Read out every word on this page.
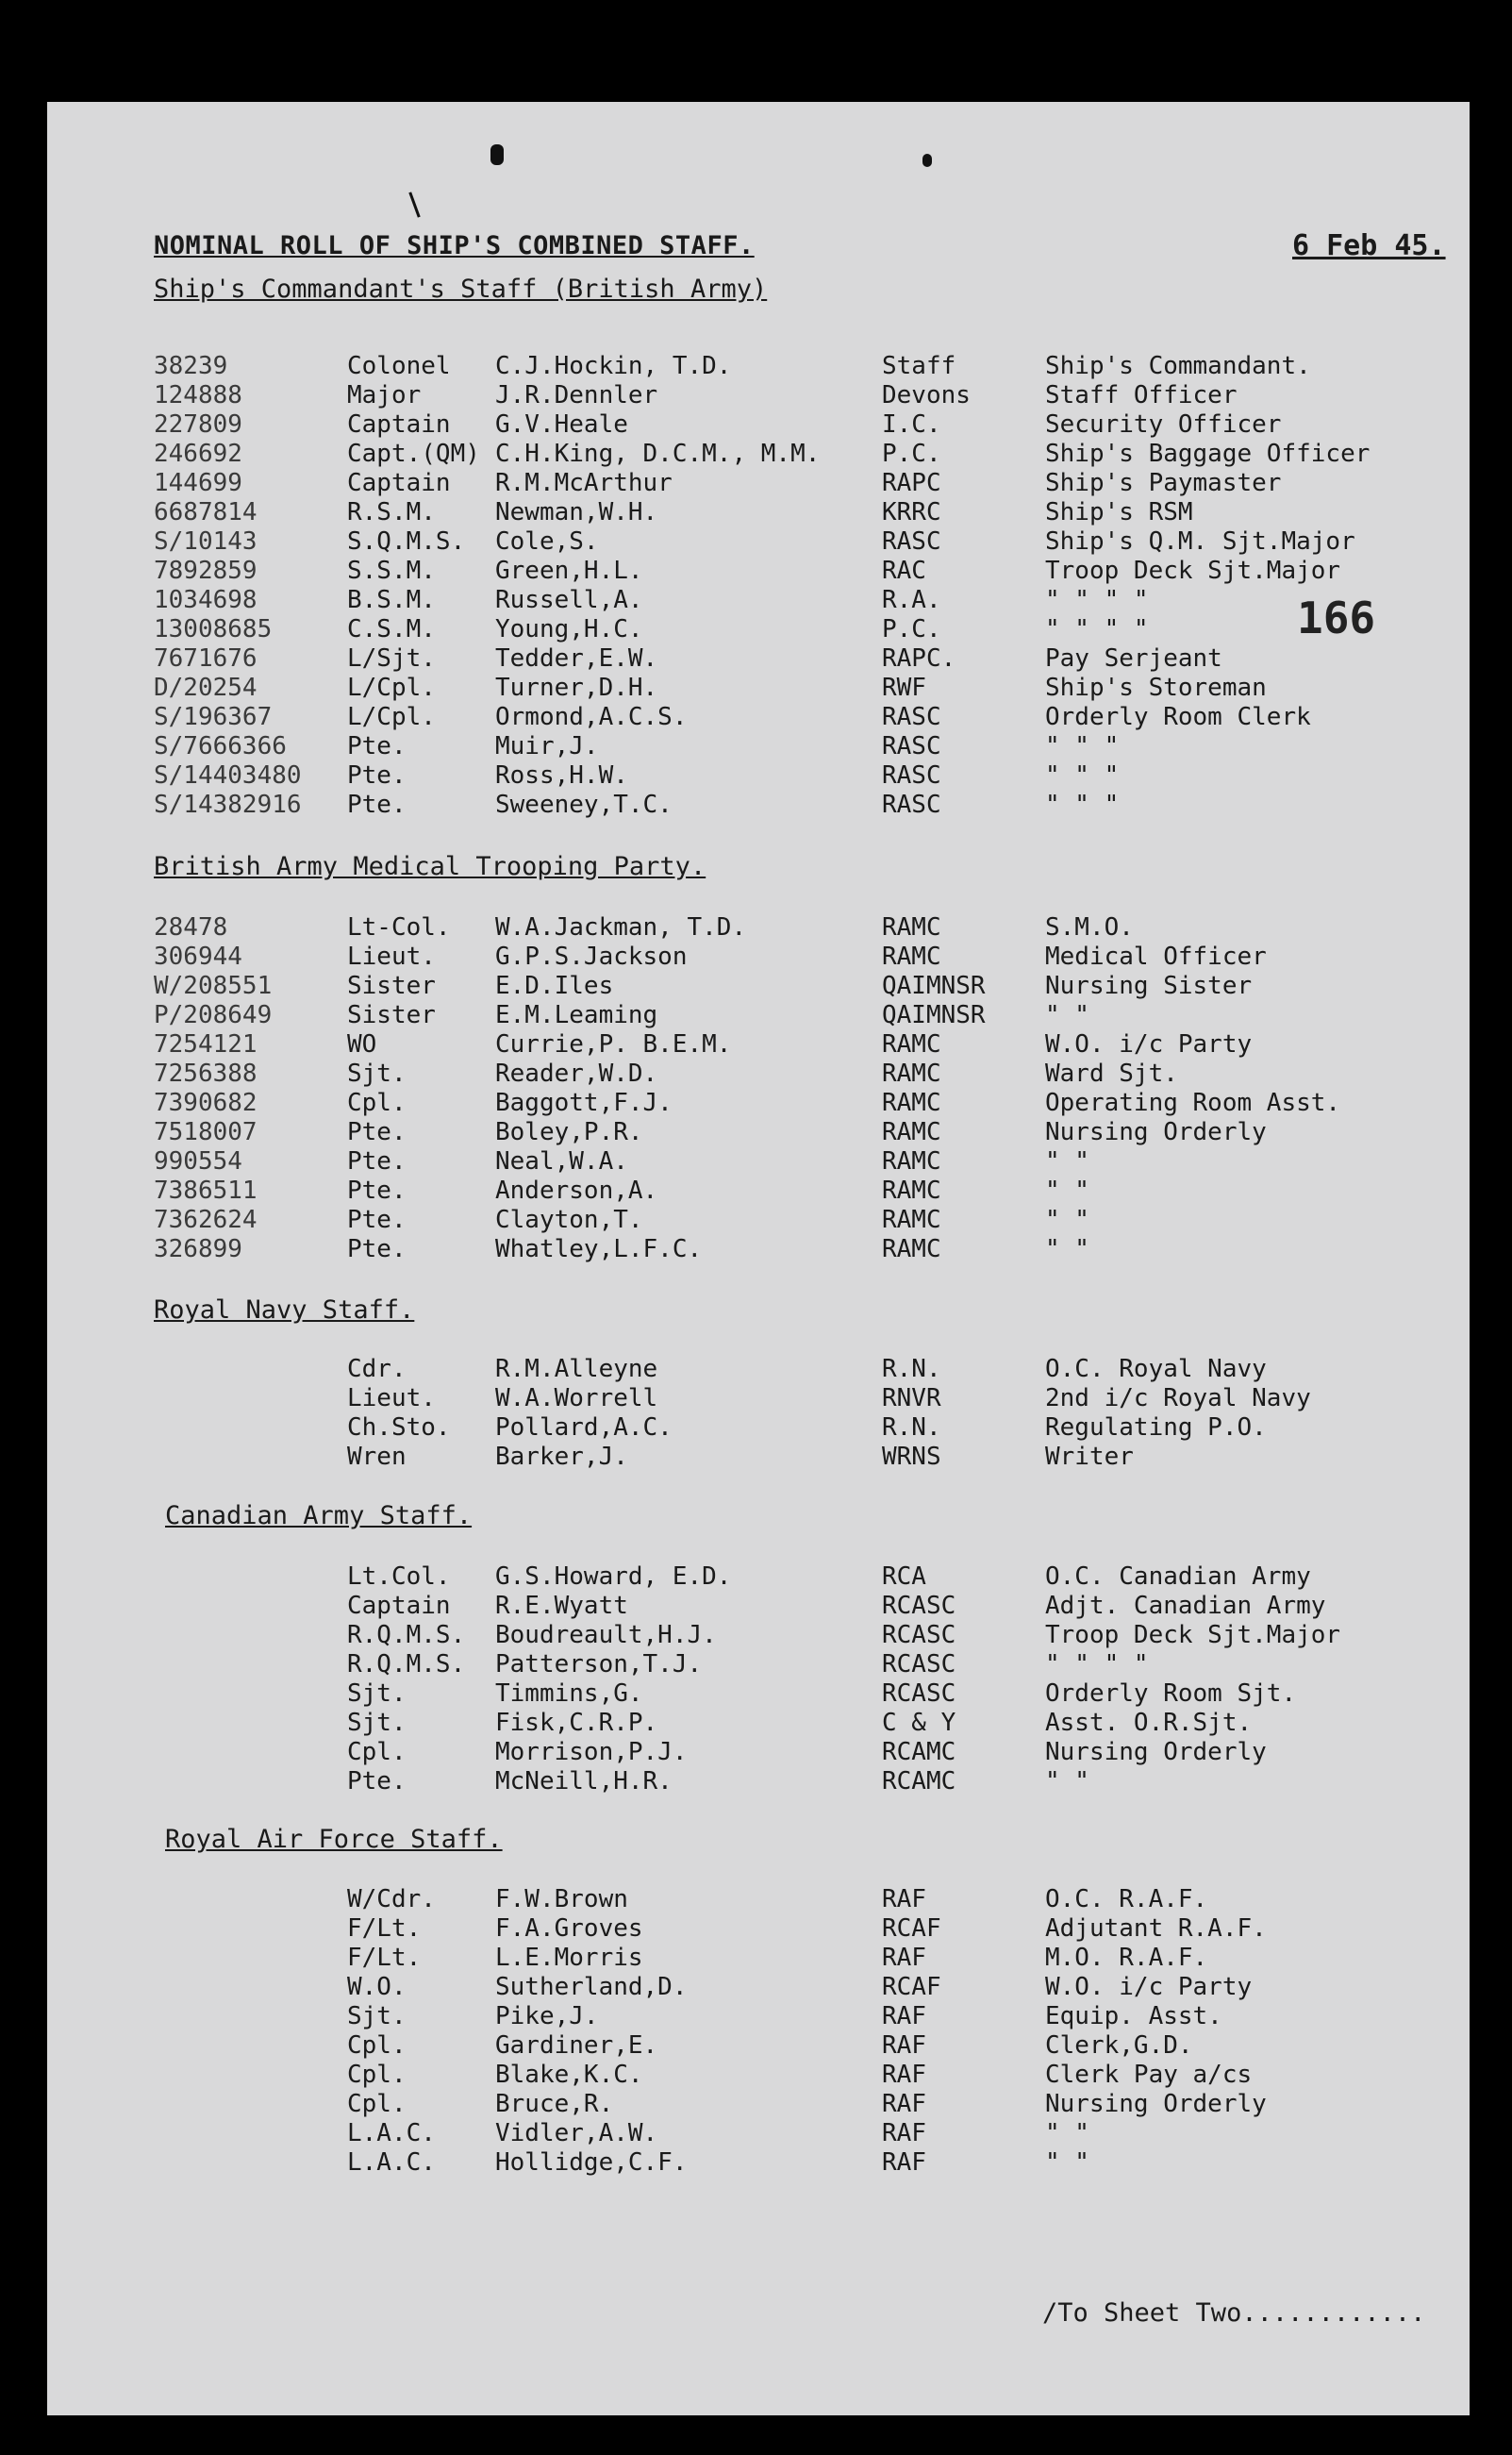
NOMINAL ROLL OF SHIP'S COMBINED STAFF.	6 Feb 45.
166
/To Sheet Two............
Ship's Commandant's Staff (British Army)
38239	Colonel C.J.Hockin, T.D.	Staff	Ship's Commandant.
124888	Major	J.R.Dennler	Devons	Staff Officer
227809	Captain G.V.Heale	I.C.	Security Officer
246692	Capt.(QM) C.H.King, D.C.M., M.M.	P.C.	Ship's Baggage Officer
144699	Captain R.M.McArthur	RAPC	Ship's Paymaster
6687814	R.S.M. Newman,W.H.	KRRC	Ship's RSM
S/10143	S.Q.M.S. Cole,S.	RASC	Ship's Q.M. Sjt.Major
7892859	S.S.M. Green,H.L.	RAC	Troop Deck Sjt.Major
1034698	B.S.M. Russell,A.	R.A.	" " " "
13008685	C.S.M. Young,H.C.	P.C.	" " " "
7671676	L/Sjt. Tedder,E.W.	RAPC.	Pay Serjeant
D/20254	L/Cpl. Turner,D.H.	RWF	Ship's Storeman
S/196367	L/Cpl. Ormond,A.C.S.	RASC	Orderly Room Clerk
S/7666366 Pte.	Muir,J.	RASC	" " "
S/14403480 Pte.	Ross,H.W.	RASC	" " "
S/14382916 Pte.	Sweeney,T.C.	RASC	" " "
British Army Medical Trooping Party.
28478	Lt-Col. W.A.Jackman, T.D.	RAMC	S.M.O.
306944	Lieut. G.P.S.Jackson	RAMC	Medical Officer
W/208551	Sister E.D.Iles	QAIMNSR Nursing Sister
P/208649	Sister E.M.Leaming	QAIMNSR " "
7254121	WO	Currie,P. B.E.M.	RAMC	W.O. i/c Party
7256388	Sjt.	Reader,W.D.	RAMC	Ward Sjt.
7390682	Cpl.	Baggott,F.J.	RAMC	Operating Room Asst.
7518007	Pte.	Boley,P.R.	RAMC	Nursing Orderly
990554	Pte.	Neal,W.A.	RAMC	" "
7386511	Pte.	Anderson,A.	RAMC	" "
7362624	Pte.	Clayton,T.	RAMC	" "
326899	Pte.	Whatley,L.F.C.	RAMC	" "
Royal Navy Staff.
Cdr.	R.M.Alleyne	R.N.	O.C. Royal Navy
Lieut. W.A.Worrell	RNVR	2nd i/c Royal Navy
Ch.Sto. Pollard,A.C.	R.N.	Regulating P.O.
Wren	Barker,J.	WRNS	Writer
Canadian Army Staff.
Lt.Col. G.S.Howard, E.D.	RCA	O.C. Canadian Army
Captain R.E.Wyatt	RCASC	Adjt. Canadian Army
R.Q.M.S. Boudreault,H.J.	RCASC	Troop Deck Sjt.Major
R.Q.M.S. Patterson,T.J.	RCASC	" " " "
Sjt.	Timmins,G.	RCASC	Orderly Room Sjt.
Sjt.	Fisk,C.R.P.	C & Y	Asst. O.R.Sjt.
Cpl.	Morrison,P.J.	RCAMC	Nursing Orderly
Pte.	McNeill,H.R.	RCAMC	" "
Royal Air Force Staff.
W/Cdr. F.W.Brown	RAF	O.C. R.A.F.
F/Lt.	F.A.Groves	RCAF	Adjutant R.A.F.
F/Lt.	L.E.Morris	RAF	M.O. R.A.F.
W.O.	Sutherland,D.	RCAF	W.O. i/c Party
Sjt.	Pike,J.	RAF	Equip. Asst.
Cpl.	Gardiner,E.	RAF	Clerk,G.D.
Cpl.	Blake,K.C.	RAF	Clerk Pay a/cs
Cpl.	Bruce,R.	RAF	Nursing Orderly
L.A.C. Vidler,A.W.	RAF	" "
L.A.C. Hollidge,C.F.	RAF	" "
